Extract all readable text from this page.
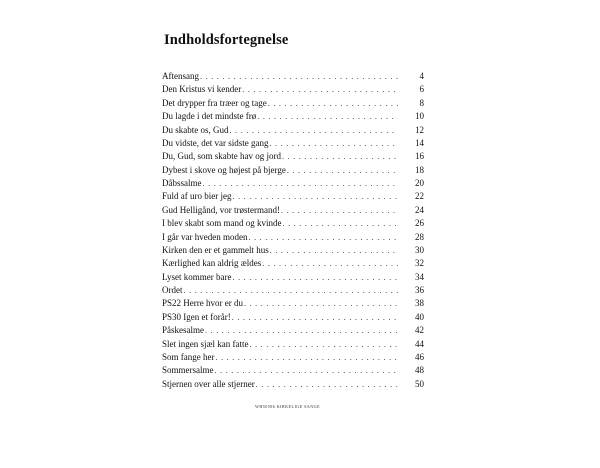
Indholdsfortegnelse
Aftensang . . .	4
Den Kristus vi kender . . .	6
Det drypper fra træer og tage . . .	8
Du lagde i det mindste frø . . .	10
Du skabte os, Gud . . .	12
Du vidste, det var sidste gang . . .	14
Du, Gud, som skabte hav og jord . . .	16
Dybest i skove og højest på bjerge . . .	18
Dåbssalme . . .	20
Fuld af uro bier jeg . . .	22
Gud Helligånd, vor trøstermand! . . .	24
I blev skabt som mand og kvinde . . .	26
I går var hveden moden . . .	28
Kirken den er et gammelt hus . . .	30
Kærlighed kan aldrig ældes . . .	32
Lyset kommer bare . . .	34
Ordet . . .	36
PS22 Herre hvor er du . . .	38
PS30 Igen et forår! . . .	40
Påskesalme . . .	42
Slet ingen sjæl kan fatte . . .	44
Som fange her . . .	46
Sommersalme . . .	48
Stjernen over alle stjerner . . .	50
WH50586 KIRKELIGE SANGE
